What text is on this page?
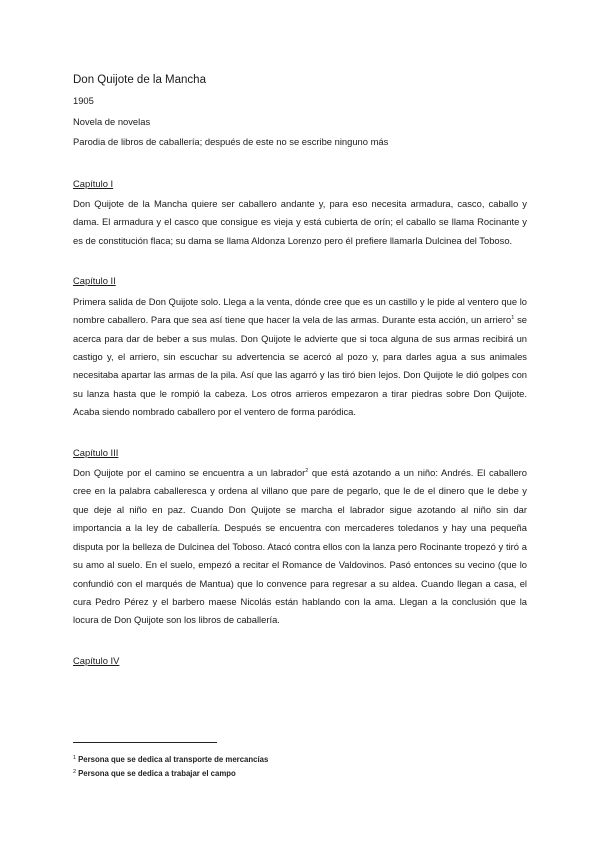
Don Quijote de la Mancha
1905
Novela de novelas
Parodia de libros de caballería; después de este no se escribe ninguno más
Capítulo I

Don Quijote de la Mancha quiere ser caballero andante y, para eso necesita armadura, casco, caballo y dama. El armadura y el casco que consigue es vieja y está cubierta de orín; el caballo se llama Rocinante y es de constitución flaca; su dama se llama Aldonza Lorenzo pero él prefiere llamarla Dulcinea del Toboso.

Capítulo II

Primera salida de Don Quijote solo. Llega a la venta, dónde cree que es un castillo y le pide al ventero que lo nombre caballero. Para que sea así tiene que hacer la vela de las armas. Durante esta acción, un arriero$^1$ se acerca para dar de beber a sus mulas. Don Quijote le advierte que si toca alguna de sus armas recibirá un castigo y, el arriero, sin escuchar su advertencia se acercó al pozo y, para darles agua a sus animales necesitaba apartar las armas de la pila. Así que las agarró y las tiró bien lejos. Don Quijote le dió golpes con su lanza hasta que le rompió la cabeza. Los otros arrieros empezaron a tirar piedras sobre Don Quijote. Acaba siendo nombrado caballero por el ventero de forma paródica.

Capítulo III

Don Quijote por el camino se encuentra a un labrador$^2$ que está azotando a un niño: Andrés. El caballero cree en la palabra caballeresca y ordena al villano que pare de pegarlo, que le de el dinero que le debe y que deje al niño en paz. Cuando Don Quijote se marcha el labrador sigue azotando al niño sin dar importancia a la ley de caballería. Después se encuentra con mercaderes toledanos y hay una pequeña disputa por la belleza de Dulcinea del Toboso. Atacó contra ellos con la lanza pero Rocinante tropezó y tiró a su amo al suelo. En el suelo, empezó a recitar el Romance de Valdovinos. Pasó entonces su vecino (que lo confundió con el marqués de Mantua) que lo convence para regresar a su aldea. Cuando llegan a casa, el cura Pedro Pérez y el barbero maese Nicolás están hablando con la ama. Llegan a la conclusión que la locura de Don Quijote son los libros de caballería.

Capítulo IV

$^1$ Persona que se dedica al transporte de mercancías

$^2$ Persona que se dedica a trabajar el campo
